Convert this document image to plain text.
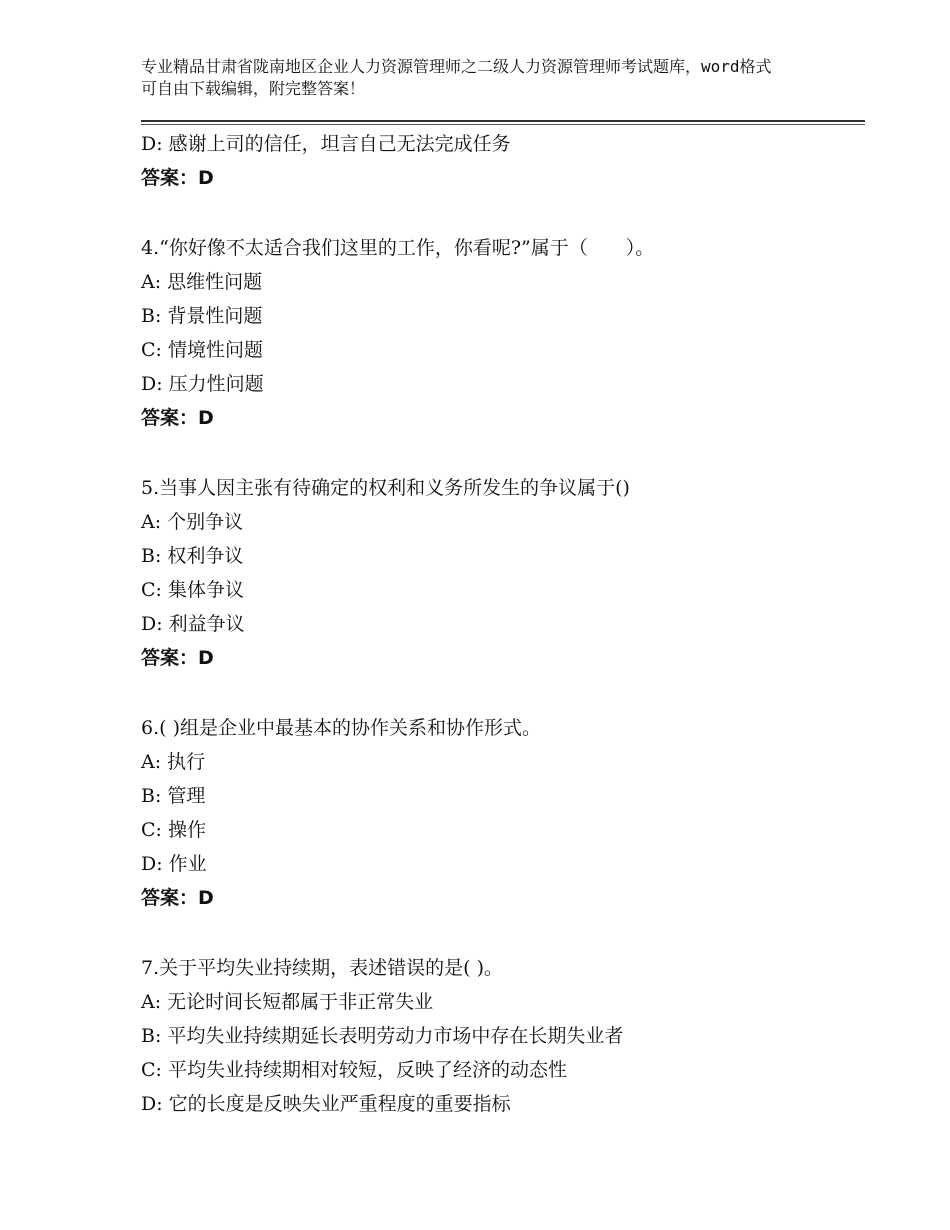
专业精品甘肃省陇南地区企业人力资源管理师之二级人力资源管理师考试题库，word格式可自由下载编辑，附完整答案！
D: 感谢上司的信任，坦言自己无法完成任务
答案：D
4.“你好像不太适合我们这里的工作，你看呢?”属于（　　）。
A: 思维性问题
B: 背景性问题
C: 情境性问题
D: 压力性问题
答案：D
5.当事人因主张有待确定的权利和义务所发生的争议属于()
A: 个别争议
B: 权利争议
C: 集体争议
D: 利益争议
答案：D
6.( )组是企业中最基本的协作关系和协作形式。
A: 执行
B: 管理
C: 操作
D: 作业
答案：D
7.关于平均失业持续期，表述错误的是( )。
A: 无论时间长短都属于非正常失业
B: 平均失业持续期延长表明劳动力市场中存在长期失业者
C: 平均失业持续期相对较短，反映了经济的动态性
D: 它的长度是反映失业严重程度的重要指标
